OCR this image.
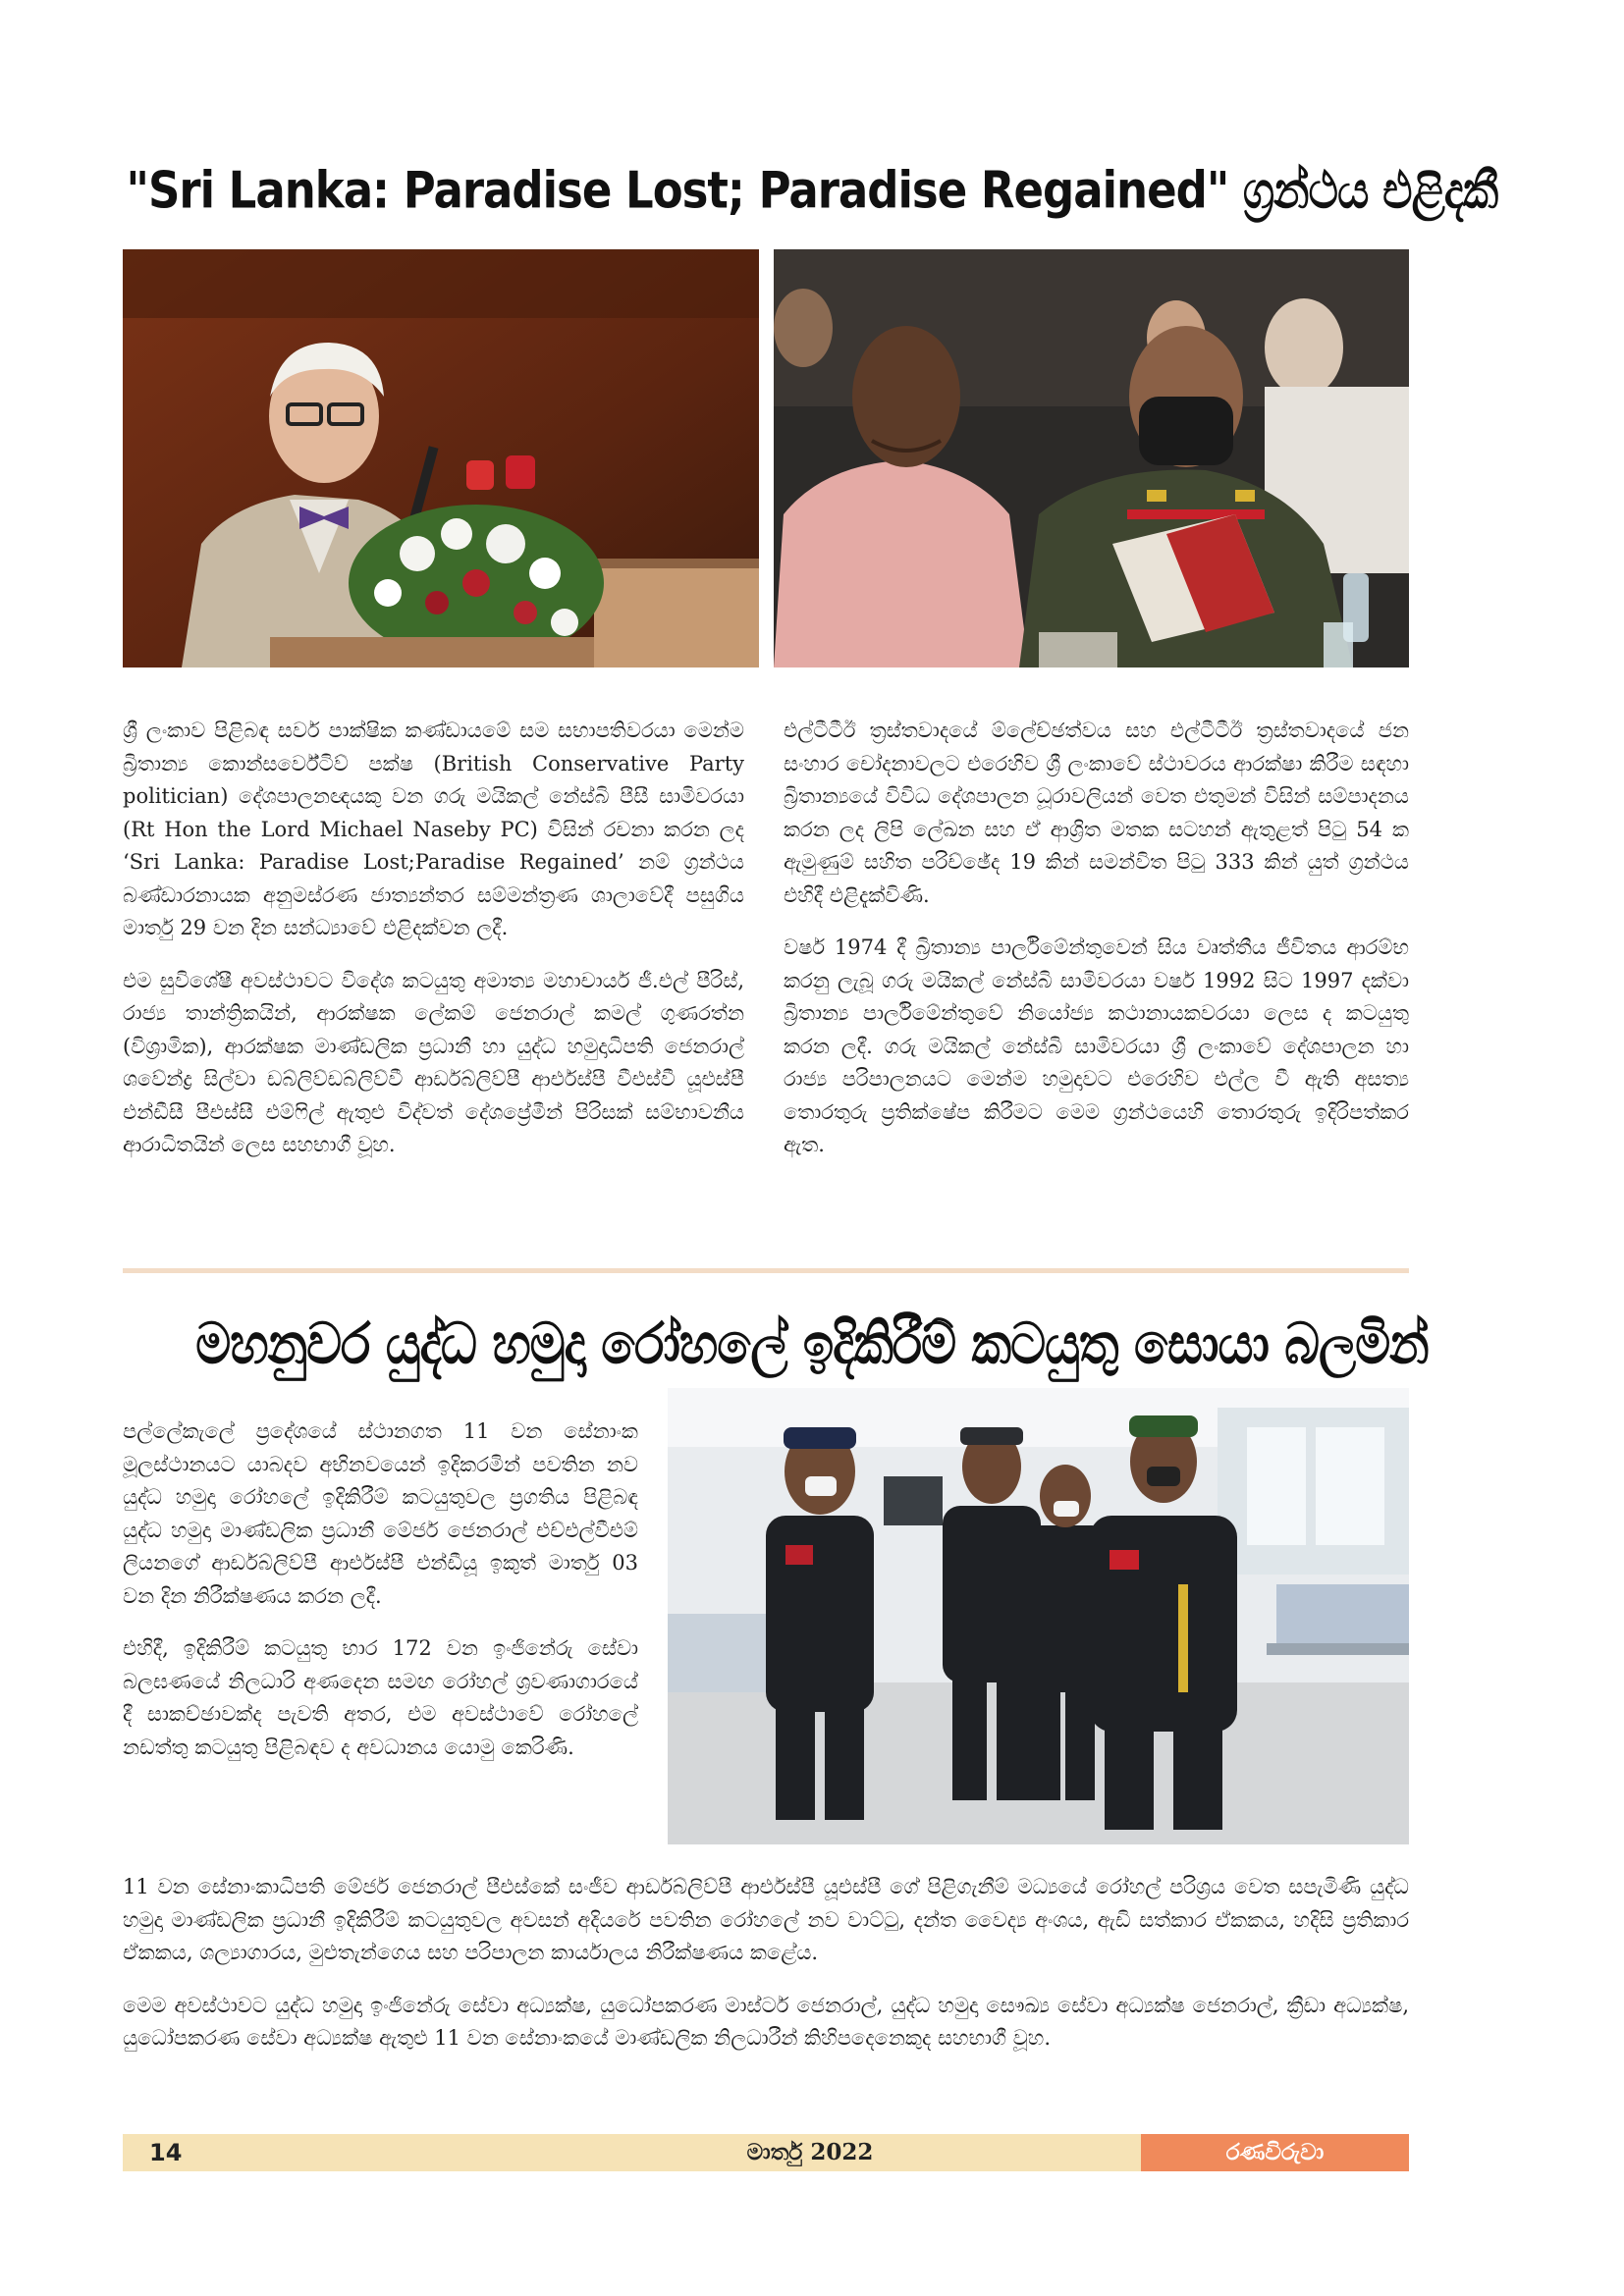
"Sri Lanka: Paradise Lost; Paradise Regained" ග්‍රන්ථය එළිදකී

ශ්‍රී ලංකාව පිළිබඳ සර්ව පාක්ෂික කණ්ඩායමේ සම සභාපතිවරයා මෙන්ම බ්‍රිතාන්‍ය කොන්සර්වේටිව් පක්ෂ (British Conservative Party politician) දේශපාලනඥයකු වන ගරු මයිකල් නේස්බි පීසී සාමිවරයා (Rt Hon the Lord Michael Naseby PC) විසින් රචනා කරන ලද ‘Sri Lanka: Paradise Lost;Paradise Regained’ නම් ග්‍රන්ථය බණ්ඩාරනායක අනුමස්රණ ජාත්‍යන්තර සම්මන්ත්‍රණ ශාලාවේදී පසුගිය මාර්තු 29 වන දින සන්ධ්‍යාවේ එළිදක්වන ලදී.

එම සුවිශේෂී අවස්ථාවට විදේශ කටයුතු අමාත්‍ය මහාචාර්ය ජී.එල් පීරිස්, රාජ්‍ය තාන්ත්‍රිකයින්, ආරක්ෂක ලේකම් ජෙනරාල් කමල් ගුණරත්න (විශ්‍රාමික), ආරක්ෂක මාණ්ඩලික ප්‍රධානී හා යුද්ධ හමුදාධිපති ජෙනරාල් ශවේන්ද්‍ර සිල්වා ඩබ්ලිව්ඩබ්ලිව්වී ආර්ඩබ්ලිව්පී ආර්එස්පී වීඑස්වී යූඑස්පී එන්ඩීසී පීඑස්සී එම්ෆිල් ඇතුළු විද්වත් දේශප්‍රේමීන් පිරිසක් සම්භාවනීය ආරාධිතයින් ලෙස සහභාගී වූහ.

එල්ටීටීඊ ත්‍රස්තවාදයේ ම්ලේච්ඡත්වය සහ එල්ටීටීඊ ත්‍රස්තවාදයේ ජන සංහාර චෝදනාවලට එරෙහිව ශ්‍රී ලංකාවේ ස්ථාවරය ආරක්ෂා කිරීම සඳහා බ්‍රිතාන්‍යයේ විවිධ දේශපාලන ධූරාවලියන් වෙත එතුමන් විසින් සම්පාදනය කරන ලද ලිපි ලේඛන සහ ඒ ආශ්‍රිත මතක සටහන් ඇතුළත් පිටු 54 ක ඇමුණුම් සහිත පරිච්ඡේද 19 කින් සමන්විත පිටු 333 කින් යුත් ග්‍රන්ථය එහිදී එළිදැක්විණි.

වර්ෂ 1974 දී බ්‍රිතාන්‍ය පාර්ලිමේන්තුවෙන් සිය වෘත්තීය ජීවිතය ආරම්භ කරනු ලැබූ ගරු මයිකල් නේස්බි සාමිවරයා වර්ෂ 1992 සිට 1997 දක්වා බ්‍රිතාන්‍ය පාර්ලිමේන්තුවේ නියෝජ්‍ය කථානායකවරයා ලෙස ද කටයුතු කරන ලදී. ගරු මයිකල් නේස්බි සාමිවරයා ශ්‍රී ලංකාවේ දේශපාලන හා රාජ්‍ය පරිපාලනයට මෙන්ම හමුදාවට එරෙහිව එල්ල වී ඇති අසත්‍ය තොරතුරු ප්‍රතික්ෂේප කිරීමට මෙම ග්‍රන්ථයෙහි තොරතුරු ඉදිරිපත්කර ඇත.

මහනුවර යුද්ධ හමුදා රෝහලේ ඉදිකිරීම් කටයුතු සොයා බලමින්

පල්ලේකැලේ ප්‍රදේශයේ ස්ථානගත 11 වන සේනාංක මූලස්ථානයට යාබදව අභිනවයෙන් ඉදිකරමින් පවතින නව යුද්ධ හමුදා රෝහලේ ඉදිකිරීම් කටයුතුවල ප්‍රගතිය පිළිබඳ යුද්ධ හමුදා මාණ්ඩලික ප්‍රධානී මේජර් ජෙනරාල් එච්එල්වීඑම් ලියනගේ ආර්ඩබ්ලිව්පී ආර්එස්පී එන්ඩීයූ ඉකුත් මාර්තු 03 වන දින නිරීක්ෂණය කරන ලදී.

එහිදී, ඉදිකිරීම් කටයුතු භාර 172 වන ඉංජිනේරු සේවා බලඝණයේ නිලධාරි අණදෙන සමඟ රෝහල් ශ්‍රවණාගාරයේ දී සාකච්ඡාවක්ද පැවති අතර, එම අවස්ථාවේ රෝහලේ නඩත්තු කටයුතු පිළිබඳව ද අවධානය යොමු කෙරිණි.

11 වන සේනාංකාධිපති මේජර් ජෙනරාල් පීඑස්කේ සංජීව ආර්ඩබ්ලිව්පී ආර්එස්පී යූඑස්පී ගේ පිළිගැනීම් මධ්‍යයේ රෝහල් පරිශ්‍රය වෙත සපැමිණි යුද්ධ හමුදා මාණ්ඩලික ප්‍රධානී ඉදිකිරීම් කටයුතුවල අවසන් අදියරේ පවතින රෝහලේ නව වාට්ටු, දන්ත වෛද්‍ය අංශය, ඇඩි සත්කාර ඒකකය, හදිසි ප්‍රතිකාර ඒකකය, ශල්‍යාගාරය, මුළුතැන්ගෙය සහ පරිපාලන කාර්යාලය නිරීක්ෂණය කළේය.

මෙම අවස්ථාවට යුද්ධ හමුදා ඉංජිනේරු සේවා අධ්‍යක්ෂ, යුධෝපකරණ මාස්ටර් ජෙනරාල්, යුද්ධ හමුදා සෞඛ්‍ය සේවා අධ්‍යක්ෂ ජෙනරාල්, ක්‍රීඩා අධ්‍යක්ෂ, යුධෝපකරණ සේවා අධ්‍යක්ෂ ඇතුළු 11 වන සේනාංකයේ මාණ්ඩලික නිලධාරීන් කිහිපදෙනෙකුද සහභාගී වූහ.

14	මාර්තු 2022	රණවිරුවා
